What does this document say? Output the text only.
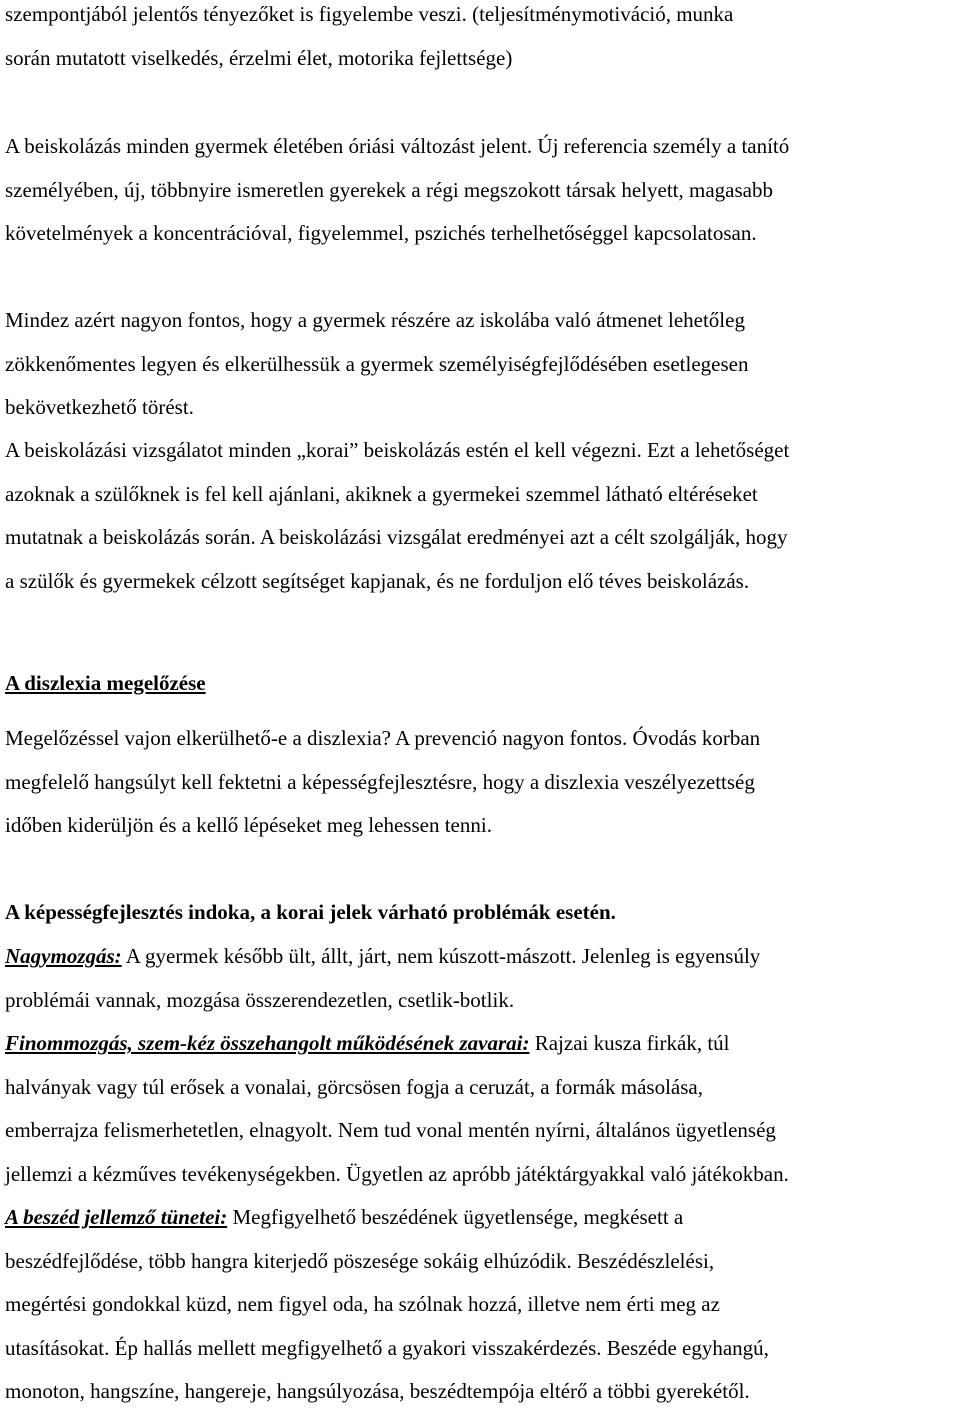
szempontjából jelentős tényezőket is figyelembe veszi. (teljesítménymotiváció, munka
során mutatott viselkedés, érzelmi élet, motorika fejlettsége)
A beiskolázás minden gyermek életében óriási változást jelent. Új referencia személy a tanító
személyében, új, többnyire ismeretlen gyerekek a régi megszokott társak helyett, magasabb
követelmények a koncentrációval, figyelemmel, pszichés terhelhetőséggel kapcsolatosan.
Mindez azért nagyon fontos, hogy a gyermek részére az iskolába való átmenet lehetőleg
zökkenőmentes legyen és elkerülhessük a gyermek személyiségfejlődésében esetlegesen
bekövetkezhető törést.
A beiskolázási vizsgálatot minden „korai” beiskolázás estén el kell végezni. Ezt a lehetőséget
azoknak a szülőknek is fel kell ajánlani, akiknek a gyermekei szemmel látható eltéréseket
mutatnak a beiskolázás során. A beiskolázási vizsgálat eredményei azt a célt szolgálják, hogy
a szülők és gyermekek célzott segítséget kapjanak, és ne forduljon elő téves beiskolázás.
A diszlexia megelőzése
Megelőzéssel vajon elkerülhető-e a diszlexia? A prevenció nagyon fontos. Óvodás korban
megfelelő hangsúlyt kell fektetni a képességfejlesztésre, hogy a diszlexia veszélyezettség
időben kiderüljön és a kellő lépéseket meg lehessen tenni.
A képességfejlesztés indoka, a korai jelek várható problémák esetén.
Nagymozgás: A gyermek később ült, állt, járt, nem kúszott-mászott. Jelenleg is egyensúly
problémái vannak, mozgása összerendezetlen, csetlik-botlik.
Finommozgás, szem-kéz összehangolt működésének zavarai: Rajzai kusza firkák, túl
halványak vagy túl erősek a vonalai, görcsösen fogja a ceruzát, a formák másolása,
emberrajza felismerhetetlen, elnagyolt. Nem tud vonal mentén nyírni, általános ügyetlenség
jellemzi a kézműves tevékenységekben. Ügyetlen az apróbb játéktárgyakkal való játékokban.
A beszéd jellemző tünetei: Megfigyelhető beszédének ügyetlensége, megkésett a
beszédfejlődése, több hangra kiterjedő pöszesége sokáig elhúzódik. Beszédészlelési,
megértési gondokkal küzd, nem figyel oda, ha szólnak hozzá, illetve nem érti meg az
utasításokat. Ép hallás mellett megfigyelhető a gyakori visszakérdezés. Beszéde egyhangú,
monoton, hangszíne, hangereje, hangsúlyozása, beszédtempója eltérő a többi gyerekétől.
